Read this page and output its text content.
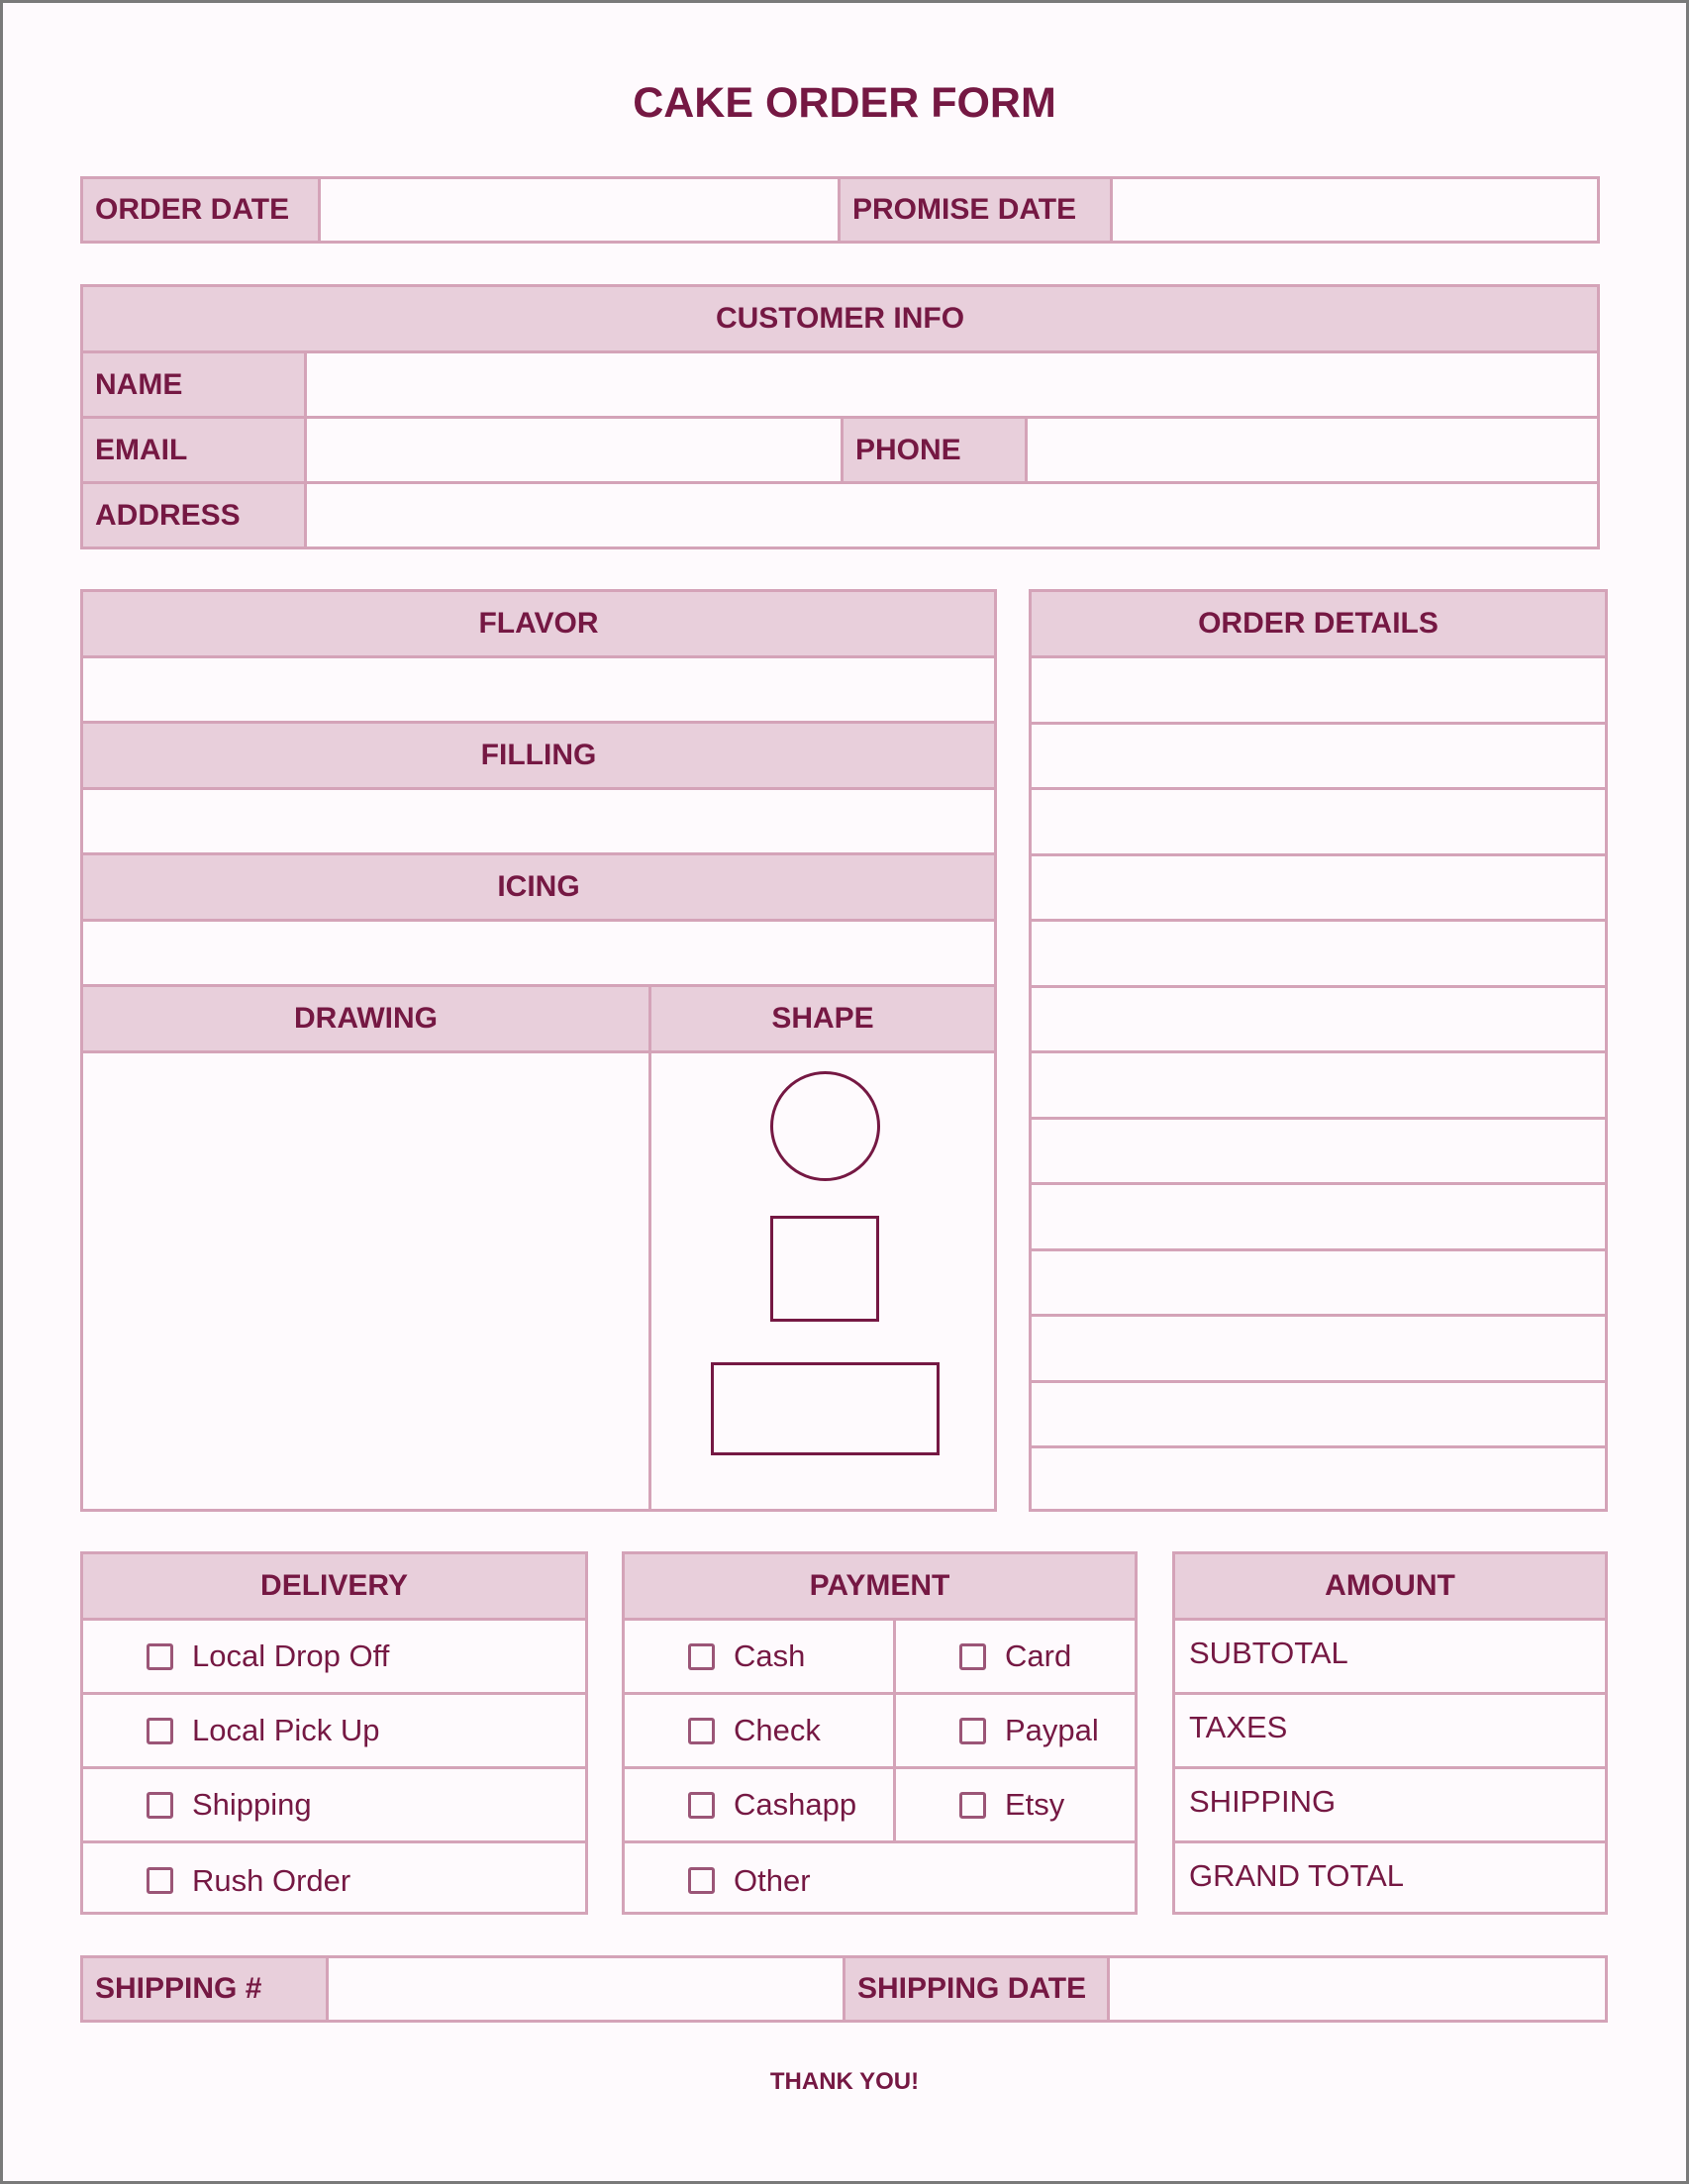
CAKE ORDER FORM
ORDER DATE	PROMISE DATE
CUSTOMER INFO
NAME
EMAIL	PHONE
ADDRESS
FLAVOR
FILLING
ICING
DRAWING	SHAPE
ORDER DETAILS
DELIVERY
Local Drop Off
Local Pick Up
Shipping
Rush Order
PAYMENT
Cash	Card
Check	Paypal
Cashapp	Etsy
Other
AMOUNT
SUBTOTAL
TAXES
SHIPPING
GRAND TOTAL
SHIPPING #	SHIPPING DATE
THANK YOU!
